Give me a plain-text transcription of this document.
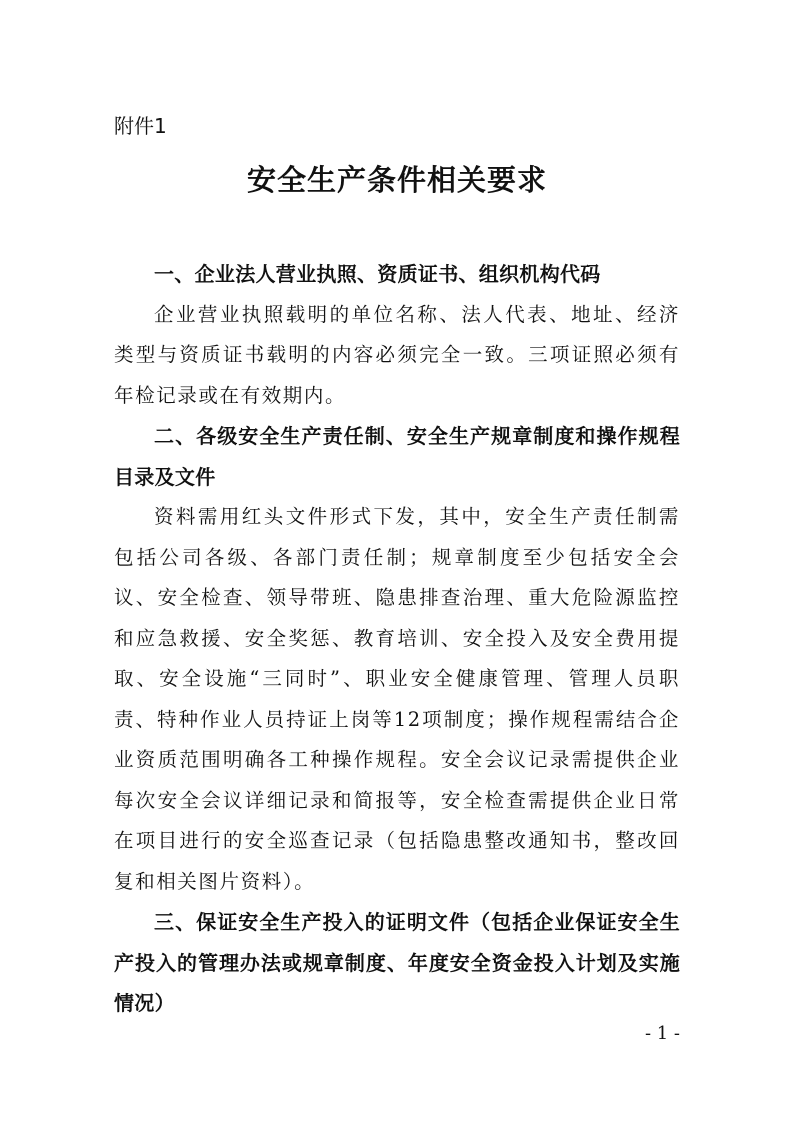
附件1
安全生产条件相关要求

一、企业法人营业执照、资质证书、组织机构代码

企业营业执照载明的单位名称、法人代表、地址、经济类型与资质证书载明的内容必须完全一致。三项证照必须有年检记录或在有效期内。

二、各级安全生产责任制、安全生产规章制度和操作规程目录及文件

资料需用红头文件形式下发，其中，安全生产责任制需包括公司各级、各部门责任制；规章制度至少包括安全会议、安全检查、领导带班、隐患排查治理、重大危险源监控和应急救援、安全奖惩、教育培训、安全投入及安全费用提取、安全设施“三同时”、职业安全健康管理、管理人员职责、特种作业人员持证上岗等12项制度；操作规程需结合企业资质范围明确各工种操作规程。安全会议记录需提供企业每次安全会议详细记录和简报等，安全检查需提供企业日常在项目进行的安全巡查记录（包括隐患整改通知书，整改回复和相关图片资料）。

三、保证安全生产投入的证明文件（包括企业保证安全生产投入的管理办法或规章制度、年度安全资金投入计划及实施情况）

- 1 -
